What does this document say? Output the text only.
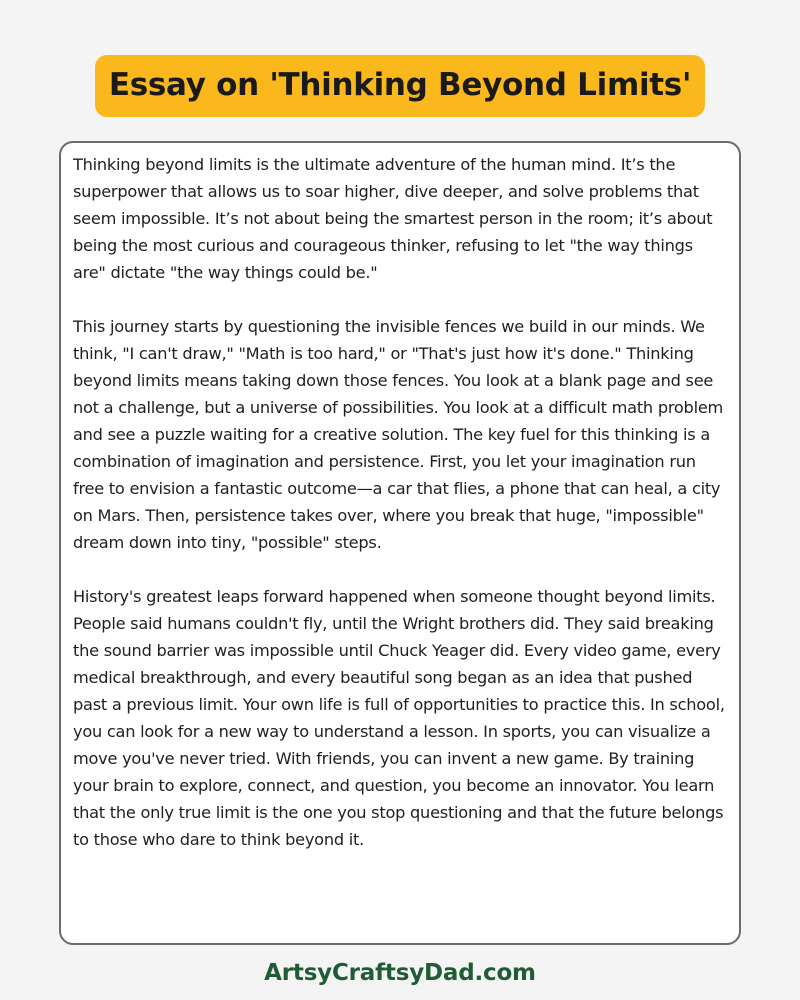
Essay on 'Thinking Beyond Limits'

Thinking beyond limits is the ultimate adventure of the human mind. It’s the superpower that allows us to soar higher, dive deeper, and solve problems that seem impossible. It’s not about being the smartest person in the room; it’s about being the most curious and courageous thinker, refusing to let "the way things are" dictate "the way things could be."

This journey starts by questioning the invisible fences we build in our minds. We think, "I can't draw," "Math is too hard," or "That's just how it's done." Thinking beyond limits means taking down those fences. You look at a blank page and see not a challenge, but a universe of possibilities. You look at a difficult math problem and see a puzzle waiting for a creative solution. The key fuel for this thinking is a combination of imagination and persistence. First, you let your imagination run free to envision a fantastic outcome—a car that flies, a phone that can heal, a city on Mars. Then, persistence takes over, where you break that huge, "impossible" dream down into tiny, "possible" steps.

History's greatest leaps forward happened when someone thought beyond limits. People said humans couldn't fly, until the Wright brothers did. They said breaking the sound barrier was impossible until Chuck Yeager did. Every video game, every medical breakthrough, and every beautiful song began as an idea that pushed past a previous limit. Your own life is full of opportunities to practice this. In school, you can look for a new way to understand a lesson. In sports, you can visualize a move you've never tried. With friends, you can invent a new game. By training your brain to explore, connect, and question, you become an innovator. You learn that the only true limit is the one you stop questioning and that the future belongs to those who dare to think beyond it.

ArtsyCraftsyDad.com
